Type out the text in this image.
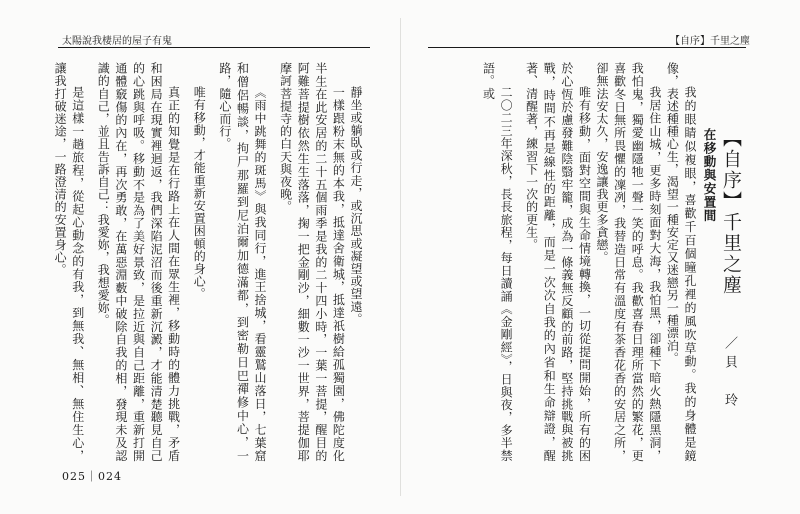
太陽說我棲居的屋子有鬼	【自序】千里之塵
【自序】千里之塵
／貝　玲
在移動與安置間

我的眼睛似複眼，喜歡千百個瞳孔裡的風吹草動。我的身體是鏡像，表述種種心生，渴望一種安定又迷戀另一種漂泊。

我居住山城，更多時刻面對大海，我怕黑，卻種下暗火熱隱黑洞，我怕鬼，獨愛幽隱牠一聲一笑的呼息。我歡喜春日理所當然的繁花，更喜歡冬日無所畏懼的凜冽，我替造日常有溫度有茶香花香的安居之所，卻無法安太久，安逸讓我更多貪戀。

唯有移動，面對空間與生命情境轉換，一切從提問開始，所有的困於心恆於慮發難陰翳牢籠，成為一條義無反顧的前路，堅持挑戰與被挑戰，時間不再是線性的距離，而是一次次自我的內省和生命辯證，醒著、清醒著，練習下一次的更生。

二〇二三年深秋，長長旅程，每日讀誦《金剛經》，日與夜，多半禁語。或

靜坐或躺臥或行走，或沉思或凝望或望遠。

一樣跟粉末無的本我，抵達舍衛城，抵達祇樹給孤獨園，佛陀度化半生在此安居的二十五個雨季是我的二十四小時，一葉一菩提，醒目的阿難菩提樹依然生生落落，掬一把金剛沙，細數一沙一世界，菩提伽耶摩訶菩提寺的白天與夜晚。

《雨中跳舞的斑馬》與我同行，進王捨城，看靈鷲山落日，七葉窟和僧侶暢談，拘尸那羅到尼泊爾加德滿都，到密勒日巴禪修中心，一路，隨心而行。

唯有移動，才能重新安置困頓的身心。

真正的知覺是在行路上在人間在眾生裡，移動時的體力挑戰，矛盾和困局在現實裡迴返，我們深陷泥沼而後重新沉澱，才能清楚聽見自己的心跳與呼吸。移動不是為了美好景致，是拉近與自己距離，重新打開通體竅傷的內在，再次勇敢，在萬惡淵藪中破除自我的相，發現未及認識的自己，並且告訴自己：我愛妳，我想愛妳。

是這樣一趟旅程，從起心動念的有我，到無我、無相、無住生心，讓我打破迷途，一路澄清的安置身心。

025｜024
